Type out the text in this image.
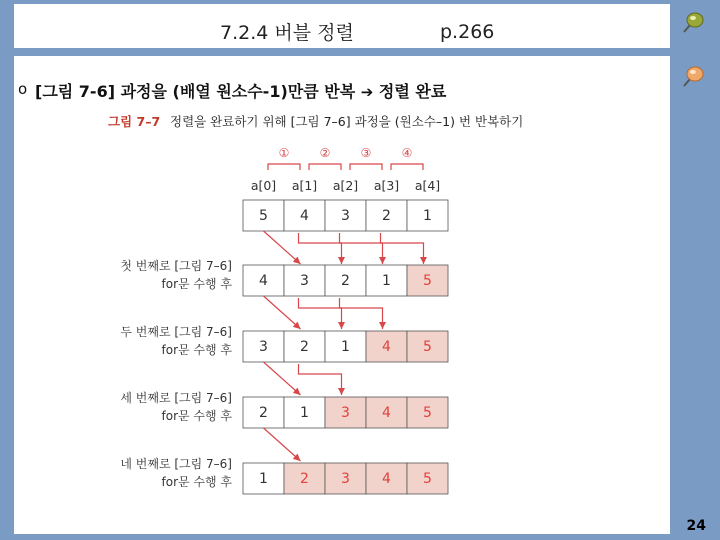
7.2.4 버블 정렬	p.266
o [그림 7-6] 과정을 (배열 원소수-1)만큼 반복 ➔ 정렬 완료
그림 7–7 정렬을 완료하기 위해 [그림 7–6] 과정을 (원소수–1) 번 반복하기
①	②	③	④
a[0] a[1] a[2] a[3] a[4]
5 4 3 2 1
4 3 2 1 5
첫 번째로 [그림 7–6]
for문 수행 후
3 2 1 4 5
두 번째로 [그림 7–6]
for문 수행 후
2 1 3 4 5
세 번째로 [그림 7–6]
for문 수행 후
1 2 3 4 5
네 번째로 [그림 7–6]
for문 수행 후
24
